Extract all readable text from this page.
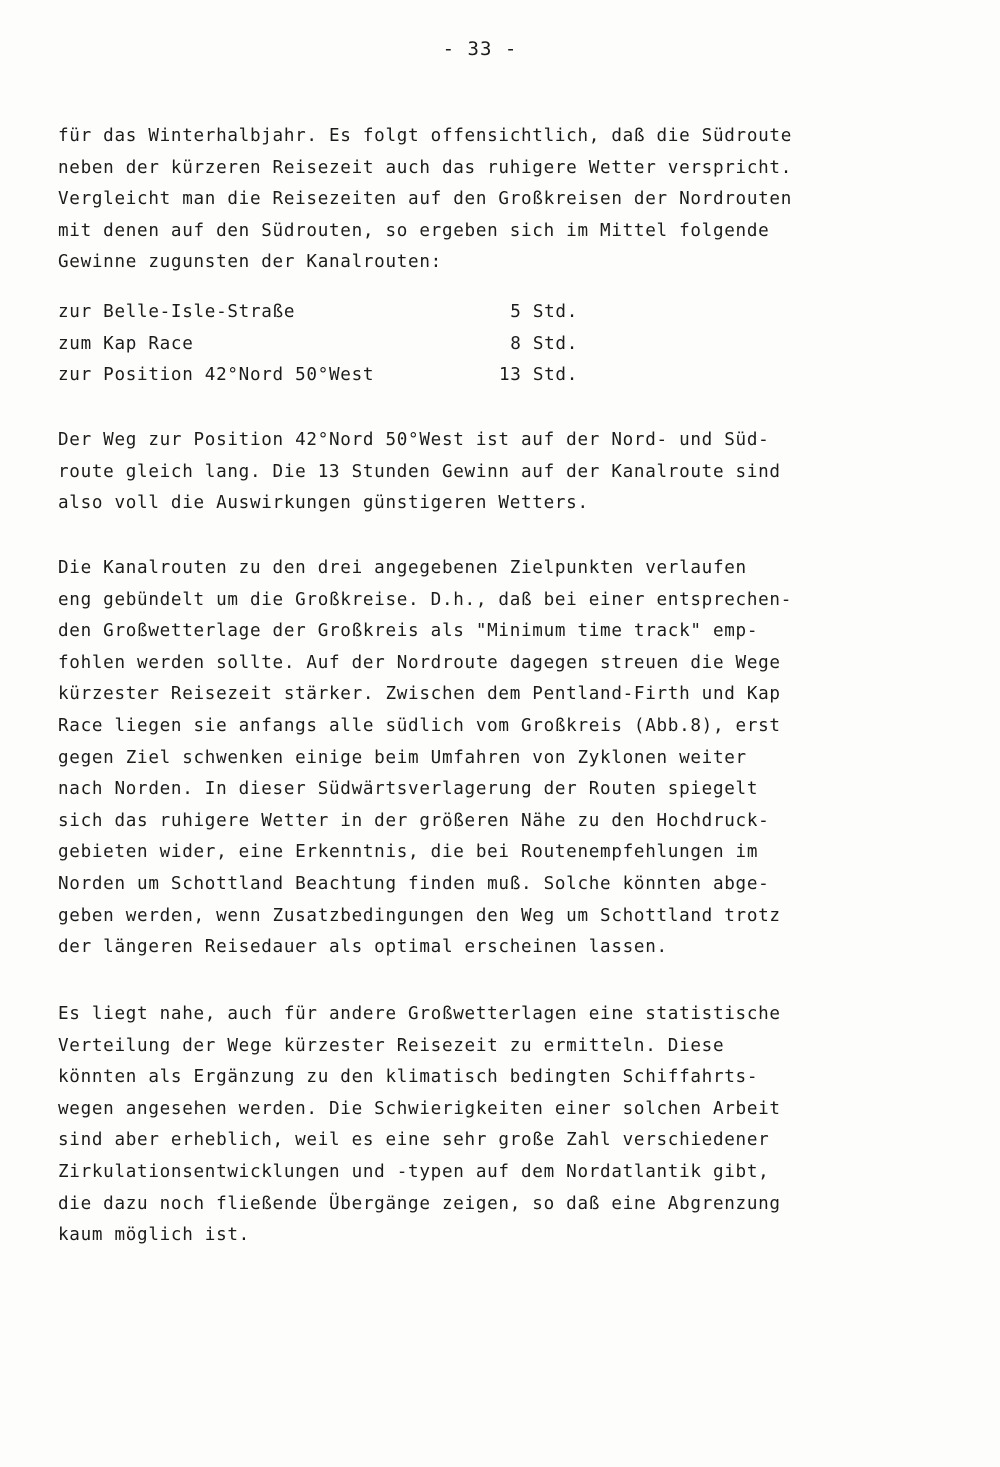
- 33 -
für das Winterhalbjahr. Es folgt offensichtlich, daß die Südroute
neben der kürzeren Reisezeit auch das ruhigere Wetter verspricht.
Vergleicht man die Reisezeiten auf den Großkreisen der Nordrouten
mit denen auf den Südrouten, so ergeben sich im Mittel folgende
Gewinne zugunsten der Kanalrouten:
zur Belle-Isle-Straße	5 Std.
zum Kap Race	8 Std.
zur Position 42°Nord 50°West	13 Std.
Der Weg zur Position 42°Nord 50°West ist auf der Nord- und Süd-
route gleich lang. Die 13 Stunden Gewinn auf der Kanalroute sind
also voll die Auswirkungen günstigeren Wetters.
Die Kanalrouten zu den drei angegebenen Zielpunkten verlaufen
eng gebündelt um die Großkreise. D.h., daß bei einer entsprechen-
den Großwetterlage der Großkreis als "Minimum time track" emp-
fohlen werden sollte. Auf der Nordroute dagegen streuen die Wege
kürzester Reisezeit stärker. Zwischen dem Pentland-Firth und Kap
Race liegen sie anfangs alle südlich vom Großkreis (Abb.8), erst
gegen Ziel schwenken einige beim Umfahren von Zyklonen weiter
nach Norden. In dieser Südwärtsverlagerung der Routen spiegelt
sich das ruhigere Wetter in der größeren Nähe zu den Hochdruck-
gebieten wider, eine Erkenntnis, die bei Routenempfehlungen im
Norden um Schottland Beachtung finden muß. Solche könnten abge-
geben werden, wenn Zusatzbedingungen den Weg um Schottland trotz
der längeren Reisedauer als optimal erscheinen lassen.
Es liegt nahe, auch für andere Großwetterlagen eine statistische
Verteilung der Wege kürzester Reisezeit zu ermitteln. Diese
könnten als Ergänzung zu den klimatisch bedingten Schiffahrts-
wegen angesehen werden. Die Schwierigkeiten einer solchen Arbeit
sind aber erheblich, weil es eine sehr große Zahl verschiedener
Zirkulationsentwicklungen und -typen auf dem Nordatlantik gibt,
die dazu noch fließende Übergänge zeigen, so daß eine Abgrenzung
kaum möglich ist.
